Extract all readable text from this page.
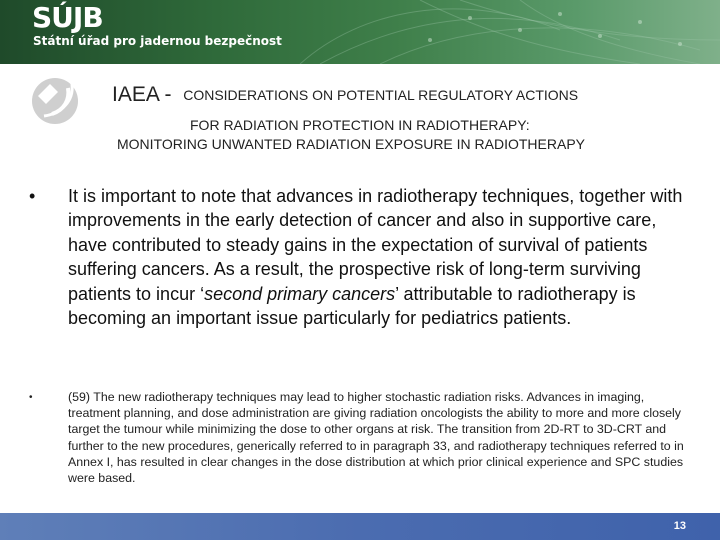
SÚJB
Státní úřad pro jadernou bezpečnost
IAEA - CONSIDERATIONS ON POTENTIAL REGULATORY ACTIONS
FOR RADIATION PROTECTION IN RADIOTHERAPY:
MONITORING UNWANTED RADIATION EXPOSURE IN RADIOTHERAPY
• It is important to note that advances in radiotherapy techniques, together with improvements in the early detection of cancer and also in supportive care, have contributed to steady gains in the expectation of survival of patients suffering cancers. As a result, the prospective risk of long-term surviving patients to incur ‘second primary cancers’ attributable to radiotherapy is becoming an important issue particularly for pediatrics patients.
•	(59) The new radiotherapy techniques may lead to higher stochastic radiation risks. Advances in imaging, treatment planning, and dose administration are giving radiation oncologists the ability to more and more closely target the tumour while minimizing the dose to other organs at risk. The transition from 2D-RT to 3D-CRT and further to the new procedures, generically referred to in paragraph 33, and radiotherapy techniques referred to in Annex I, has resulted in clear changes in the dose distribution at which prior clinical experience and SPC studies were based.
13
